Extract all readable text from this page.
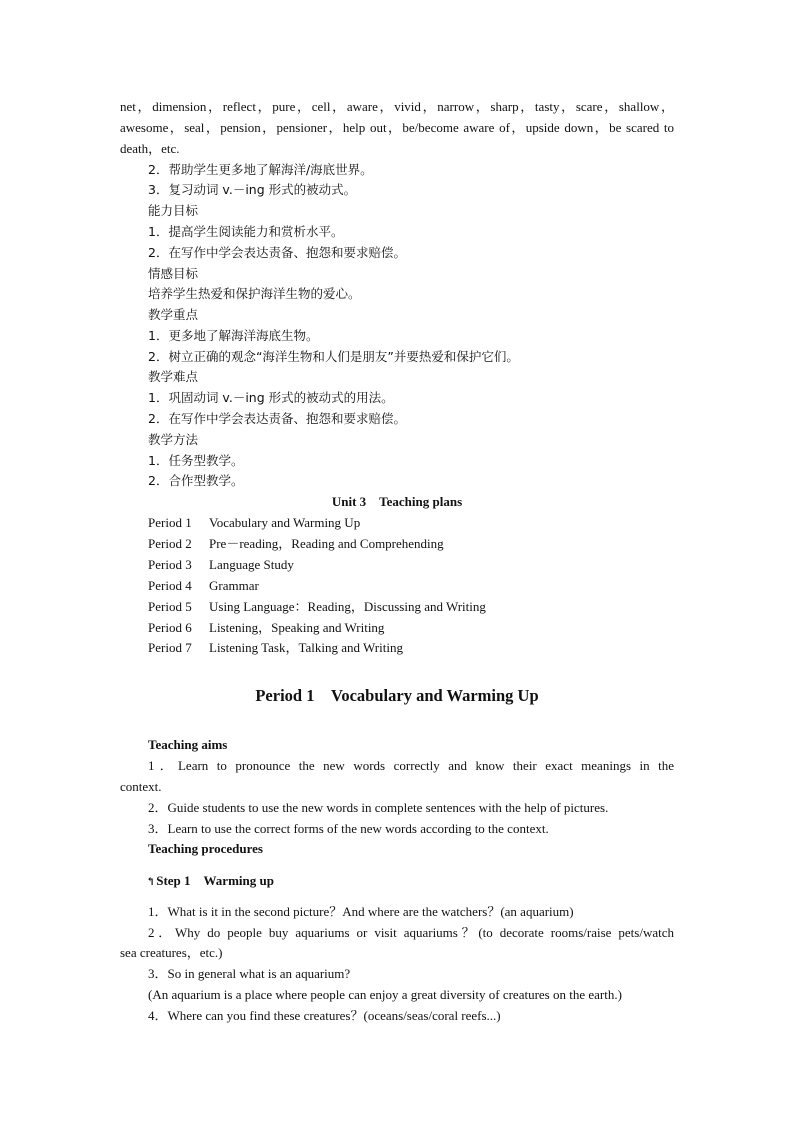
net，dimension，reflect，pure，cell，aware，vivid，narrow，sharp，tasty，scare，shallow，
awesome，seal，pension，pensioner，help out，be/become aware of，upside down，be scared to
death，etc.
2．帮助学生更多地了解海洋/海底世界。
3．复习动词 v.－ing 形式的被动式。
能力目标
1．提高学生阅读能力和赏析水平。
2．在写作中学会表达责备、抱怨和要求赔偿。
情感目标
培养学生热爱和保护海洋生物的爱心。
教学重点
1．更多地了解海洋海底生物。
2．树立正确的观念“海洋生物和人们是朋友”并要热爱和保护它们。
教学难点
1．巩固动词 v.－ing 形式的被动式的用法。
2．在写作中学会表达责备、抱怨和要求赔偿。
教学方法
1．任务型教学。
2．合作型教学。
Unit 3　Teaching plans
Period 1 Vocabulary and Warming Up
Period 2 Pre－reading，Reading and Comprehending
Period 3 Language Study
Period 4 Grammar
Period 5 Using Language：Reading，Discussing and Writing
Period 6 Listening，Speaking and Writing
Period 7 Listening Task，Talking and Writing
Period 1　Vocabulary and Warming Up
Teaching aims
1．Learn to pronounce the new words correctly and know their exact meanings in the
context.
2．Guide students to use the new words in complete sentences with the help of pictures.
3．Learn to use the correct forms of the new words according to the context.
Teaching procedures
↰Step 1　Warming up
1．What is it in the second picture？And where are the watchers？(an aquarium)
2．Why do people buy aquariums or visit aquariums？(to decorate rooms/raise pets/watch
sea creatures，etc.)
3．So in general what is an aquarium?
(An aquarium is a place where people can enjoy a great diversity of creatures on the earth.)
4．Where can you find these creatures？(oceans/seas/coral reefs...)
